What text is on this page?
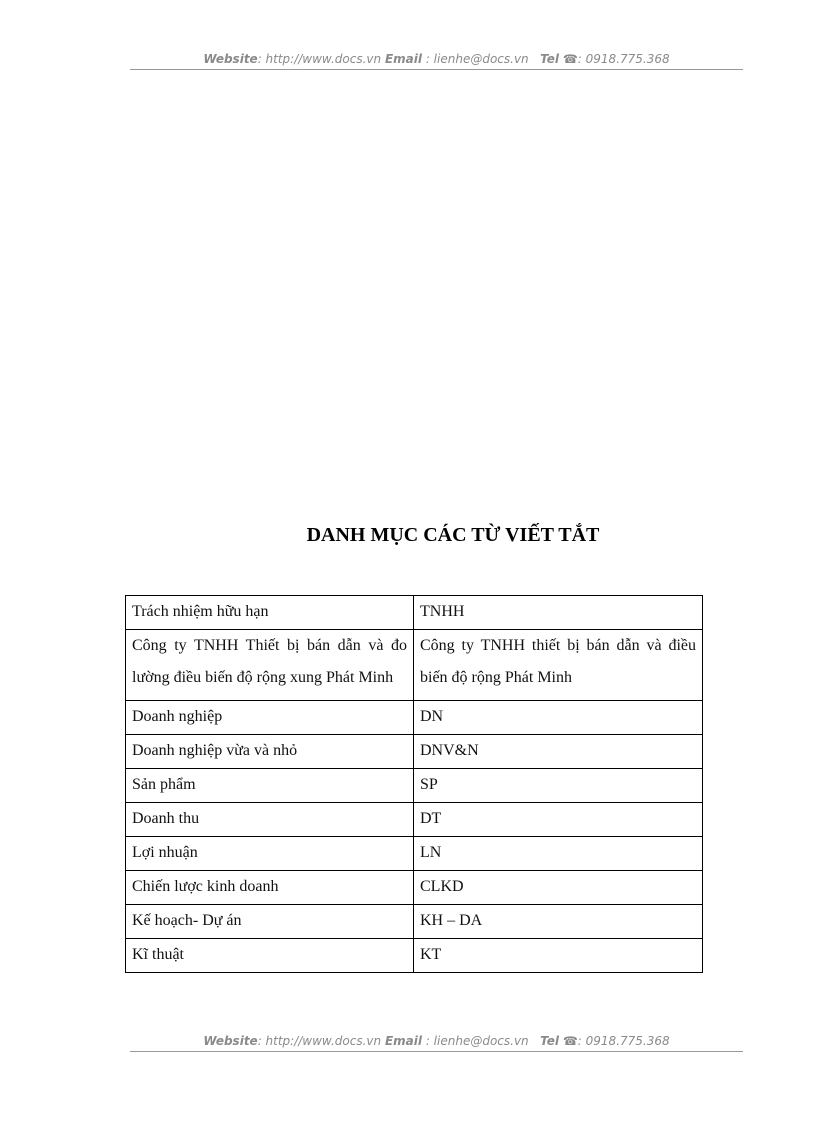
Website: http://www.docs.vn Email : lienhe@docs.vn Tel ☎: 0918.775.368
DANH MỤC CÁC TỪ VIẾT TẮT
Trách nhiệm hữu hạn	TNHH
Công ty TNHH Thiết bị bán dẫn và đo lường điều biến độ rộng xung Phát Minh	Công ty TNHH thiết bị bán dẫn và điều biến độ rộng Phát Minh
Doanh nghiệp	DN
Doanh nghiệp vừa và nhỏ	DNV&N
Sản phẩm	SP
Doanh thu	DT
Lợi nhuận	LN
Chiến lược kinh doanh	CLKD
Kế hoạch- Dự án	KH – DA
Kĩ thuật	KT
Website: http://www.docs.vn Email : lienhe@docs.vn Tel ☎: 0918.775.368
